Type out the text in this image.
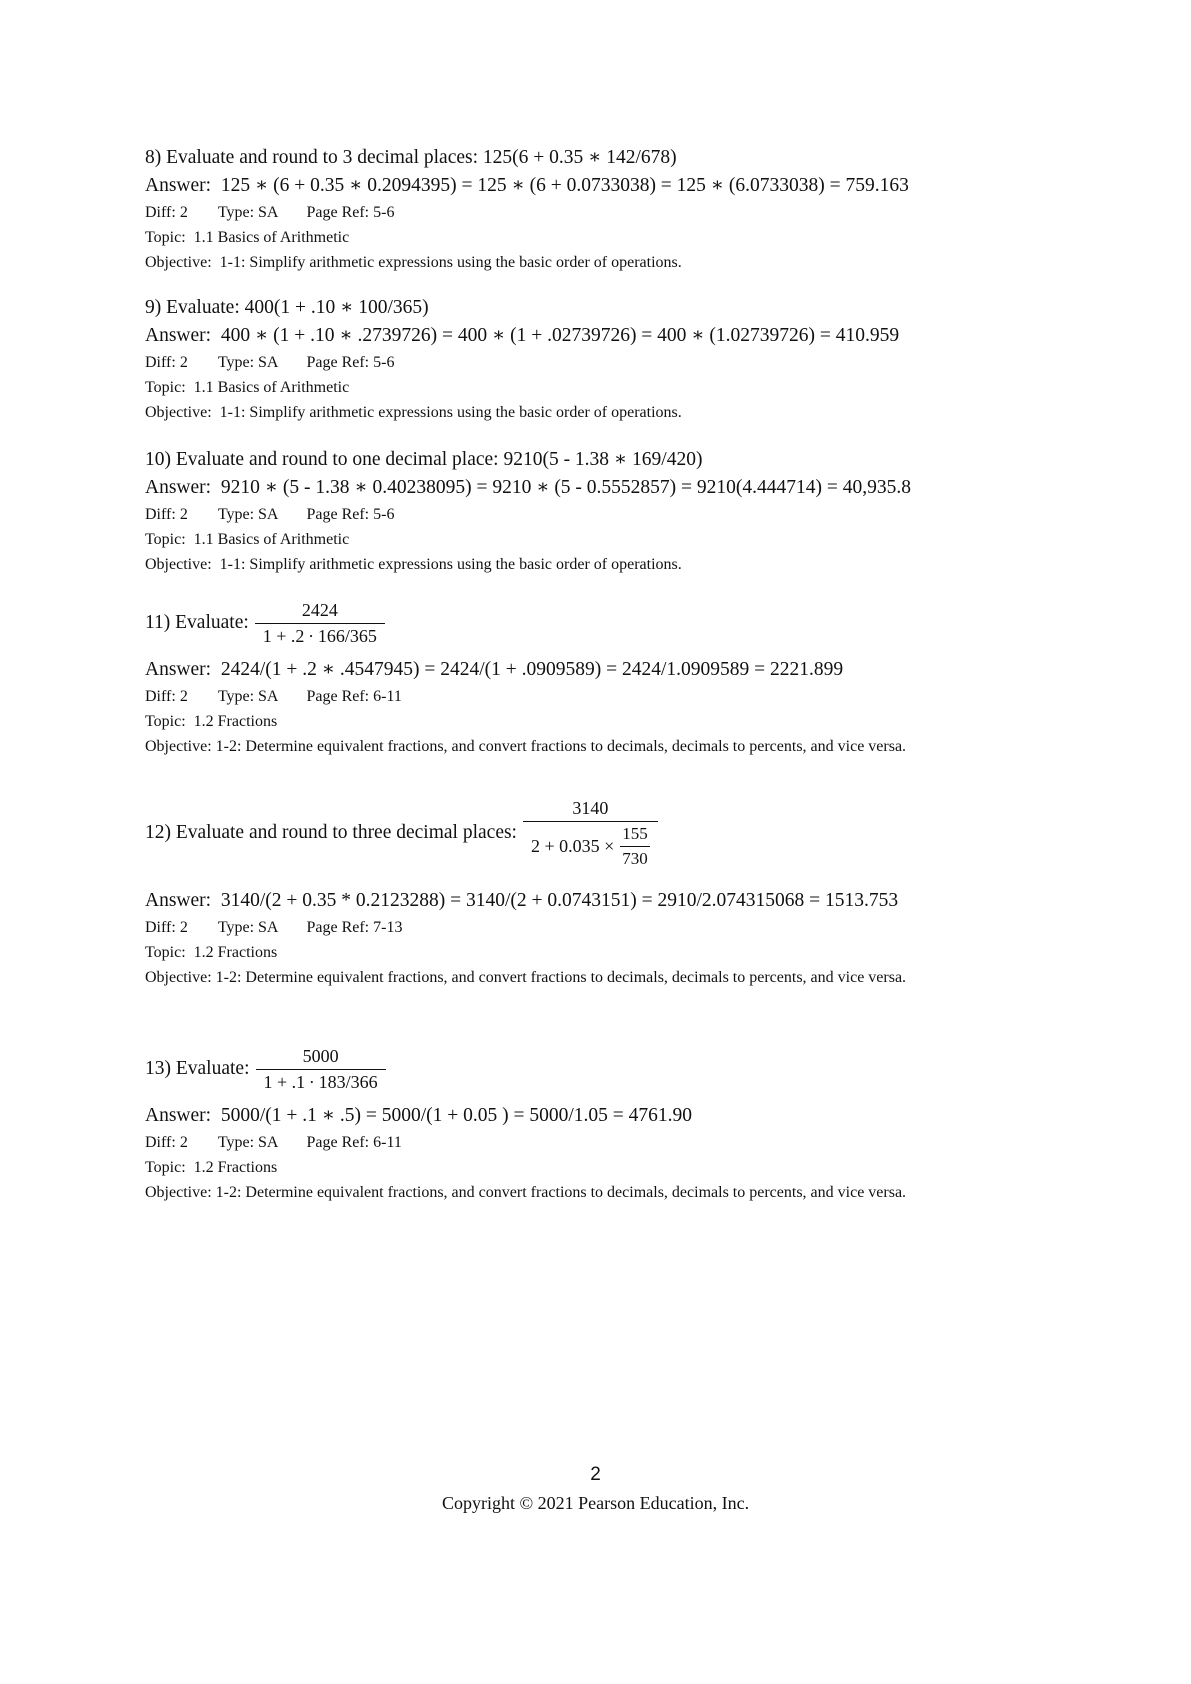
8) Evaluate and round to 3 decimal places: 125(6 + 0.35 ∗ 142/678)
Answer: 125 ∗ (6 + 0.35 ∗ 0.2094395) = 125 ∗ (6 + 0.0733038) = 125 ∗ (6.0733038) = 759.163
Diff: 2 Type: SA Page Ref: 5-6
Topic: 1.1 Basics of Arithmetic
Objective: 1-1: Simplify arithmetic expressions using the basic order of operations.
9) Evaluate: 400(1 + .10 ∗ 100/365)
Answer: 400 ∗ (1 + .10 ∗ .2739726) = 400 ∗ (1 + .02739726) = 400 ∗ (1.02739726) = 410.959
Diff: 2 Type: SA Page Ref: 5-6
Topic: 1.1 Basics of Arithmetic
Objective: 1-1: Simplify arithmetic expressions using the basic order of operations.
10) Evaluate and round to one decimal place: 9210(5 - 1.38 ∗ 169/420)
Answer: 9210 ∗ (5 - 1.38 ∗ 0.40238095) = 9210 ∗ (5 - 0.5552857) = 9210(4.444714) = 40,935.8
Diff: 2 Type: SA Page Ref: 5-6
Topic: 1.1 Basics of Arithmetic
Objective: 1-1: Simplify arithmetic expressions using the basic order of operations.
11) Evaluate: $\frac{2424}{1 + .2 \cdot 166/365}$
Answer: 2424/(1 + .2 ∗ .4547945) = 2424/(1 + .0909589) = 2424/1.0909589 = 2221.899
Diff: 2 Type: SA Page Ref: 6-11
Topic: 1.2 Fractions
Objective: 1-2: Determine equivalent fractions, and convert fractions to decimals, decimals to percents, and vice versa.
12) Evaluate and round to three decimal places: $\frac{3140}{2 + 0.035 \times \frac{155}{730}}$
Answer: 3140/(2 + 0.35 * 0.2123288) = 3140/(2 + 0.0743151) = 2910/2.074315068 = 1513.753
Diff: 2 Type: SA Page Ref: 7-13
Topic: 1.2 Fractions
Objective: 1-2: Determine equivalent fractions, and convert fractions to decimals, decimals to percents, and vice versa.
13) Evaluate: $\frac{5000}{1 + .1 \cdot 183/366}$
Answer: 5000/(1 + .1 ∗ .5) = 5000/(1 + 0.05 ) = 5000/1.05 = 4761.90
Diff: 2 Type: SA Page Ref: 6-11
Topic: 1.2 Fractions
Objective: 1-2: Determine equivalent fractions, and convert fractions to decimals, decimals to percents, and vice versa.
2
Copyright © 2021 Pearson Education, Inc.
